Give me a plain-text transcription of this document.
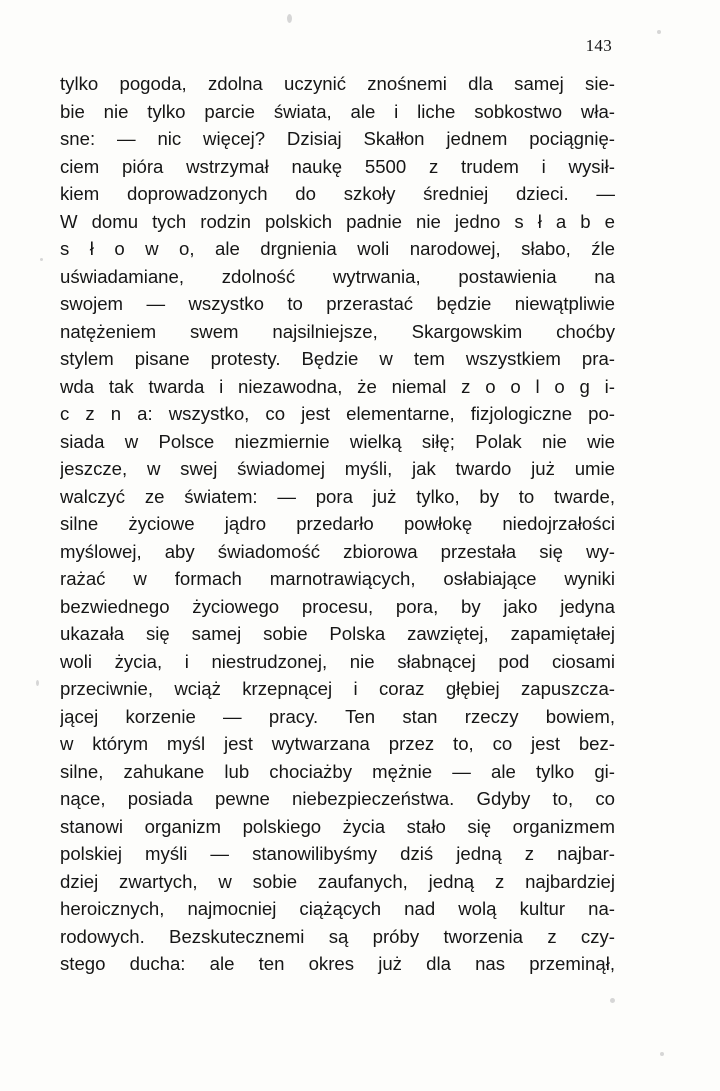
143
tylko pogoda, zdolna uczynić znośnemi dla samej sie-
bie nie tylko parcie świata, ale i liche sobkostwo wła-
sne: — nic więcej? Dzisiaj Skałłon jednem pociągnię-
ciem pióra wstrzymał naukę 5500 z trudem i wysił-
kiem doprowadzonych do szkoły średniej dzieci. —
W domu tych rodzin polskich padnie nie jedno s ł a b e
s ł o w o, ale drgnienia woli narodowej, słabo, źle
uświadamiane, zdolność wytrwania, postawienia na
swojem — wszystko to przerastać będzie niewątpliwie
natężeniem swem najsilniejsze, Skargowskim choćby
stylem pisane protesty. Będzie w tem wszystkiem pra-
wda tak twarda i niezawodna, że niemal z o o l o g i-
c z n a: wszystko, co jest elementarne, fizjologiczne po-
siada w Polsce niezmiernie wielką siłę; Polak nie wie
jeszcze, w swej świadomej myśli, jak twardo już umie
walczyć ze światem: — pora już tylko, by to twarde,
silne życiowe jądro przedarło powłokę niedojrzałości
myślowej, aby świadomość zbiorowa przestała się wy-
rażać w formach marnotrawiących, osłabiające wyniki
bezwiednego życiowego procesu, pora, by jako jedyna
ukazała się samej sobie Polska zawziętej, zapamiętałej
woli życia, i niestrudzonej, nie słabnącej pod ciosami
przeciwnie, wciąż krzepnącej i coraz głębiej zapuszcza-
jącej korzenie — pracy. Ten stan rzeczy bowiem,
w którym myśl jest wytwarzana przez to, co jest bez-
silne, zahukane lub chociażby mężnie — ale tylko gi-
nące, posiada pewne niebezpieczeństwa. Gdyby to, co
stanowi organizm polskiego życia stało się organizmem
polskiej myśli — stanowilibyśmy dziś jedną z najbar-
dziej zwartych, w sobie zaufanych, jedną z najbardziej
heroicznych, najmocniej ciążących nad wolą kultur na-
rodowych. Bezskutecznemi są próby tworzenia z czy-
stego ducha: ale ten okres już dla nas przeminął,
